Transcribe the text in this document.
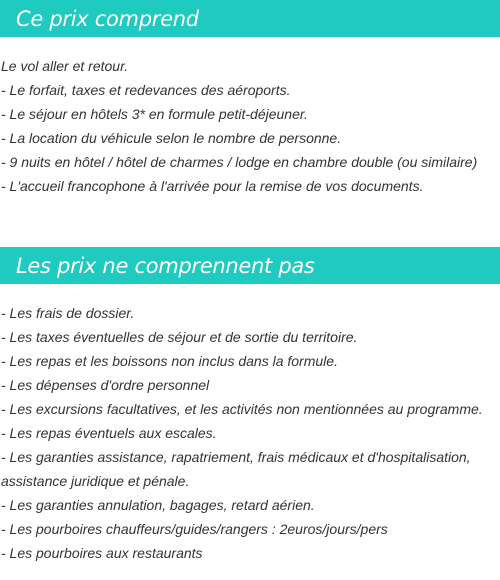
Ce prix comprend
Le vol aller et retour.
- Le forfait, taxes et redevances des aéroports.
- Le séjour en hôtels 3* en formule petit-déjeuner.
- La location du véhicule selon le nombre de personne.
- 9 nuits en hôtel / hôtel de charmes / lodge en chambre double (ou similaire)
- L'accueil francophone à l'arrivée pour la remise de vos documents.
Les prix ne comprennent pas
- Les frais de dossier.
- Les taxes éventuelles de séjour et de sortie du territoire.
- Les repas et les boissons non inclus dans la formule.
- Les dépenses d'ordre personnel
- Les excursions facultatives, et les activités non mentionnées au programme.
- Les repas éventuels aux escales.
- Les garanties assistance, rapatriement, frais médicaux et d'hospitalisation, assistance juridique et pénale.
- Les garanties annulation, bagages, retard aérien.
- Les pourboires chauffeurs/guides/rangers : 2euros/jours/pers
- Les pourboires aux restaurants
